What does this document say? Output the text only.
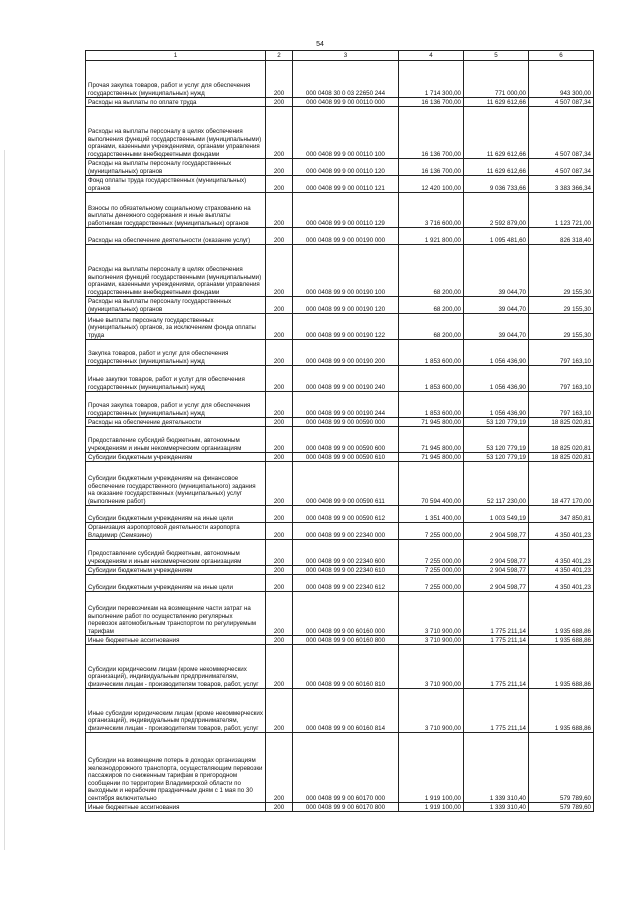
54
1	2	3	4	5	6
Прочая закупка товаров, работ и услуг для обеспечения государственных (муниципальных) нужд	200	000 0408 30 0 03 22650 244	1 714 300,00	771 000,00	943 300,00
Расходы на выплаты по оплате труда	200	000 0408 99 9 00 00110 000	16 136 700,00	11 629 612,66	4 507 087,34
Расходы на выплаты персоналу в целях обеспечения выполнения функций государственными (муниципальными) органами, казенными учреждениями, органами управления государственными внебюджетными фондами	200	000 0408 99 9 00 00110 100	16 136 700,00	11 629 612,66	4 507 087,34
Расходы на выплаты персоналу государственных (муниципальных) органов	200	000 0408 99 9 00 00110 120	16 136 700,00	11 629 612,66	4 507 087,34
Фонд оплаты труда государственных (муниципальных) органов	200	000 0408 99 9 00 00110 121	12 420 100,00	9 036 733,66	3 383 366,34
Взносы по обязательному социальному страхованию на выплаты денежного содержания и иные выплаты работникам государственных (муниципальных) органов	200	000 0408 99 9 00 00110 129	3 716 600,00	2 592 879,00	1 123 721,00
Расходы на обеспечение деятельности (оказание услуг)	200	000 0408 99 9 00 00190 000	1 921 800,00	1 095 481,60	826 318,40
Расходы на выплаты персоналу в целях обеспечения выполнения функций государственными (муниципальными) органами, казенными учреждениями, органами управления государственными внебюджетными фондами	200	000 0408 99 9 00 00190 100	68 200,00	39 044,70	29 155,30
Расходы на выплаты персоналу государственных (муниципальных) органов	200	000 0408 99 9 00 00190 120	68 200,00	39 044,70	29 155,30
Иные выплаты персоналу государственных (муниципальных) органов, за исключением фонда оплаты труда	200	000 0408 99 9 00 00190 122	68 200,00	39 044,70	29 155,30
Закупка товаров, работ и услуг для обеспечения государственных (муниципальных) нужд	200	000 0408 99 9 00 00190 200	1 853 600,00	1 056 436,90	797 163,10
Иные закупки товаров, работ и услуг для обеспечения государственных (муниципальных) нужд	200	000 0408 99 9 00 00190 240	1 853 600,00	1 056 436,90	797 163,10
Прочая закупка товаров, работ и услуг для обеспечения государственных (муниципальных) нужд	200	000 0408 99 9 00 00190 244	1 853 600,00	1 056 436,90	797 163,10
Расходы на обеспечение деятельности	200	000 0408 99 9 00 00590 000	71 945 800,00	53 120 779,19	18 825 020,81
Предоставление субсидий бюджетным, автономным учреждениям и иным некоммерческим организациям	200	000 0408 99 9 00 00590 600	71 945 800,00	53 120 779,19	18 825 020,81
Субсидии бюджетным учреждениям	200	000 0408 99 9 00 00590 610	71 945 800,00	53 120 779,19	18 825 020,81
Субсидии бюджетным учреждениям на финансовое обеспечение государственного (муниципального) задания на оказание государственных (муниципальных) услуг (выполнение работ)	200	000 0408 99 9 00 00590 611	70 594 400,00	52 117 230,00	18 477 170,00
Субсидии бюджетным учреждениям на иные цели	200	000 0408 99 9 00 00590 612	1 351 400,00	1 003 549,19	347 850,81
Организация аэропортовой деятельности аэропорта Владимир (Семязино)	200	000 0408 99 9 00 22340 000	7 255 000,00	2 904 598,77	4 350 401,23
Предоставление субсидий бюджетным, автономным учреждениям и иным некоммерческим организациям	200	000 0408 99 9 00 22340 600	7 255 000,00	2 904 598,77	4 350 401,23
Субсидии бюджетным учреждениям	200	000 0408 99 9 00 22340 610	7 255 000,00	2 904 598,77	4 350 401,23
Субсидии бюджетным учреждениям на иные цели	200	000 0408 99 9 00 22340 612	7 255 000,00	2 904 598,77	4 350 401,23
Субсидии перевозчикам на возмещение части затрат на выполнение работ по осуществлению регулярных перевозок автомобильным транспортом по регулируемым тарифам	200	000 0408 99 9 00 60160 000	3 710 900,00	1 775 211,14	1 935 688,86
Иные бюджетные ассигнования	200	000 0408 99 9 00 60160 800	3 710 900,00	1 775 211,14	1 935 688,86
Субсидии юридическим лицам (кроме некоммерческих организаций), индивидуальным предпринимателям, физическим лицам - производителям товаров, работ, услуг	200	000 0408 99 9 00 60160 810	3 710 900,00	1 775 211,14	1 935 688,86
Иные субсидии юридическим лицам (кроме некоммерческих организаций), индивидуальным предпринимателям, физическим лицам - производителям товаров, работ, услуг	200	000 0408 99 9 00 60160 814	3 710 900,00	1 775 211,14	1 935 688,86
Субсидии на возмещение потерь в доходах организациям железнодорожного транспорта, осуществляющим перевозки пассажиров по сниженным тарифам в пригородном сообщении по территории Владимирской области по выходным и нерабочим праздничным дням с 1 мая по 30 сентября включительно	200	000 0408 99 9 00 60170 000	1 919 100,00	1 339 310,40	579 789,60
Иные бюджетные ассигнования	200	000 0408 99 9 00 60170 800	1 919 100,00	1 339 310,40	579 789,60
